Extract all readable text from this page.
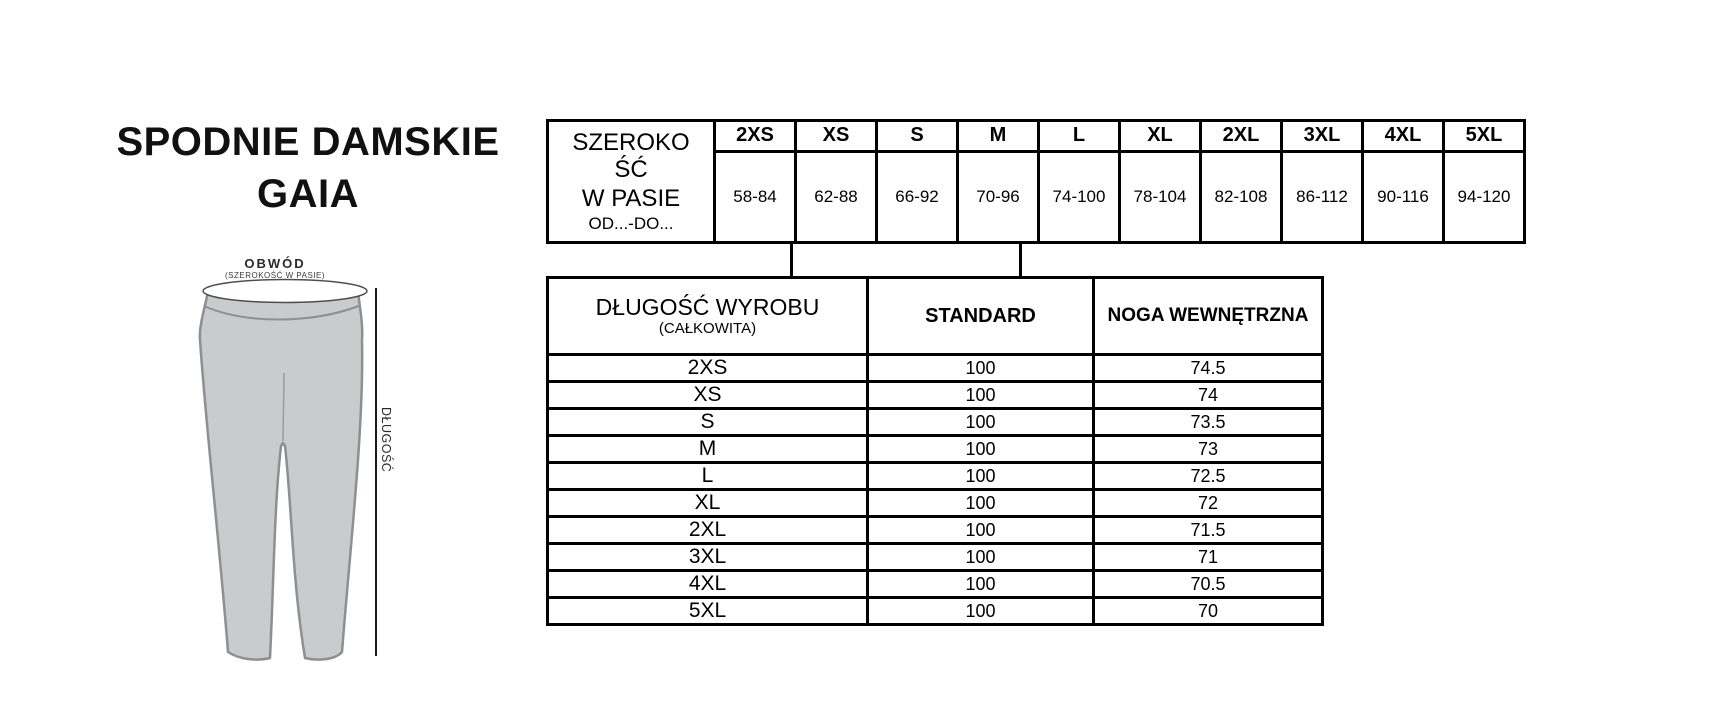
SPODNIE DAMSKIE
GAIA
OBWÓD
(SZEROKOŚĆ W PASIE)
DŁUGOŚĆ
SZEROKOŚĆ
W PASIE
OD...-DO...	2XS	XS	S	M	L	XL	2XL	3XL	4XL	5XL
	58-84	62-88	66-92	70-96	74-100	78-104	82-108	86-112	90-116	94-120
DŁUGOŚĆ WYROBU
(CAŁKOWITA)	STANDARD	NOGA WEWNĘTRZNA
2XS	100	74.5
XS	100	74
S	100	73.5
M	100	73
L	100	72.5
XL	100	72
2XL	100	71.5
3XL	100	71
4XL	100	70.5
5XL	100	70
